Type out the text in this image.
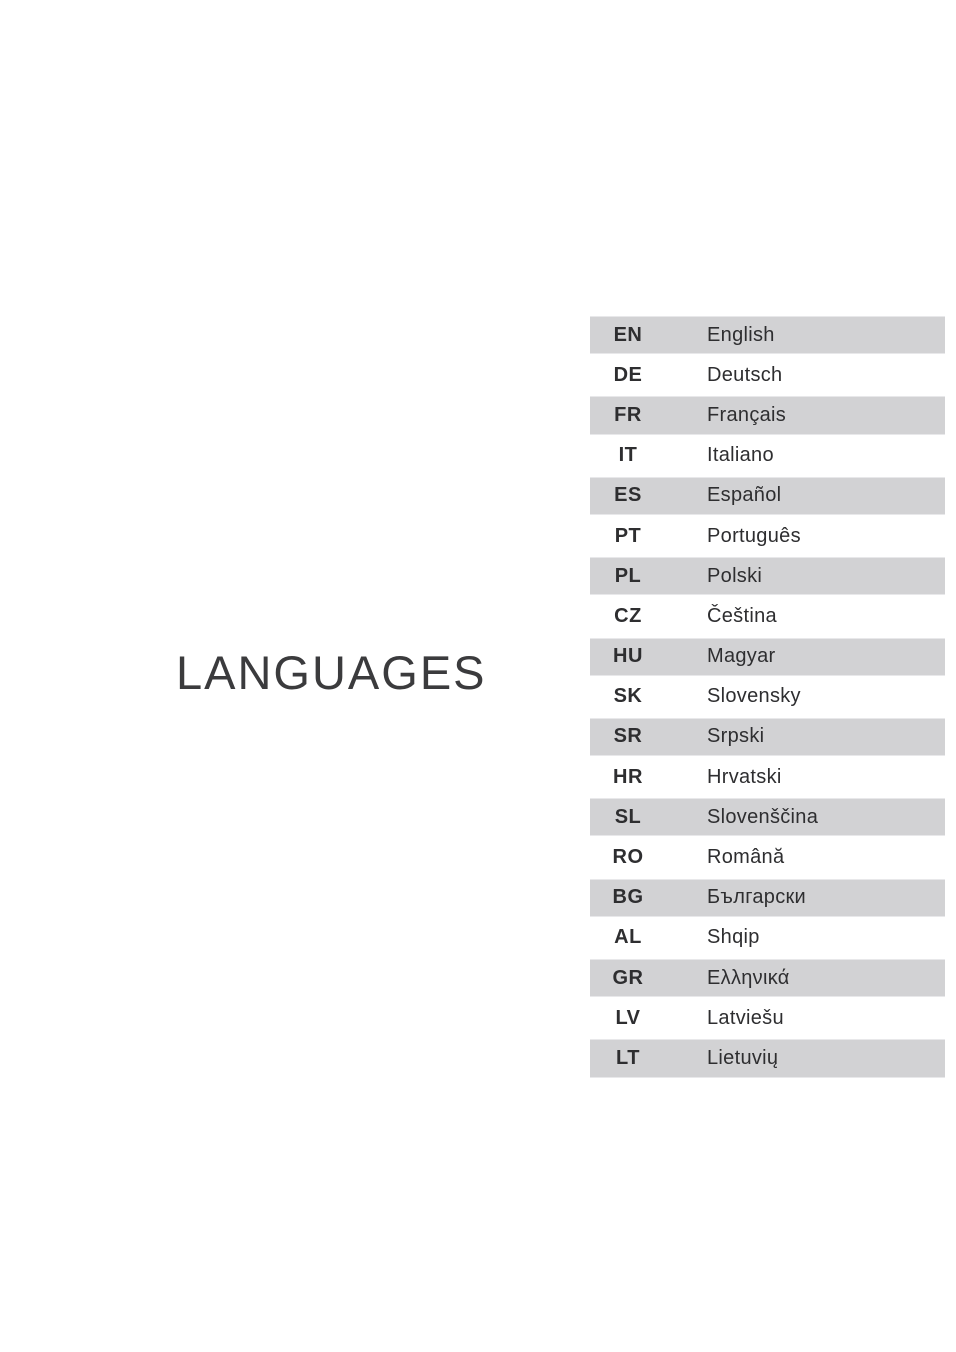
LANGUAGES
EN	English
DE	Deutsch
FR	Français
IT	Italiano
ES	Español
PT	Português
PL	Polski
CZ	Čeština
HU	Magyar
SK	Slovensky
SR	Srpski
HR	Hrvatski
SL	Slovenščina
RO	Română
BG	Български
AL	Shqip
GR	Ελληνικά
LV	Latviešu
LT	Lietuvių
